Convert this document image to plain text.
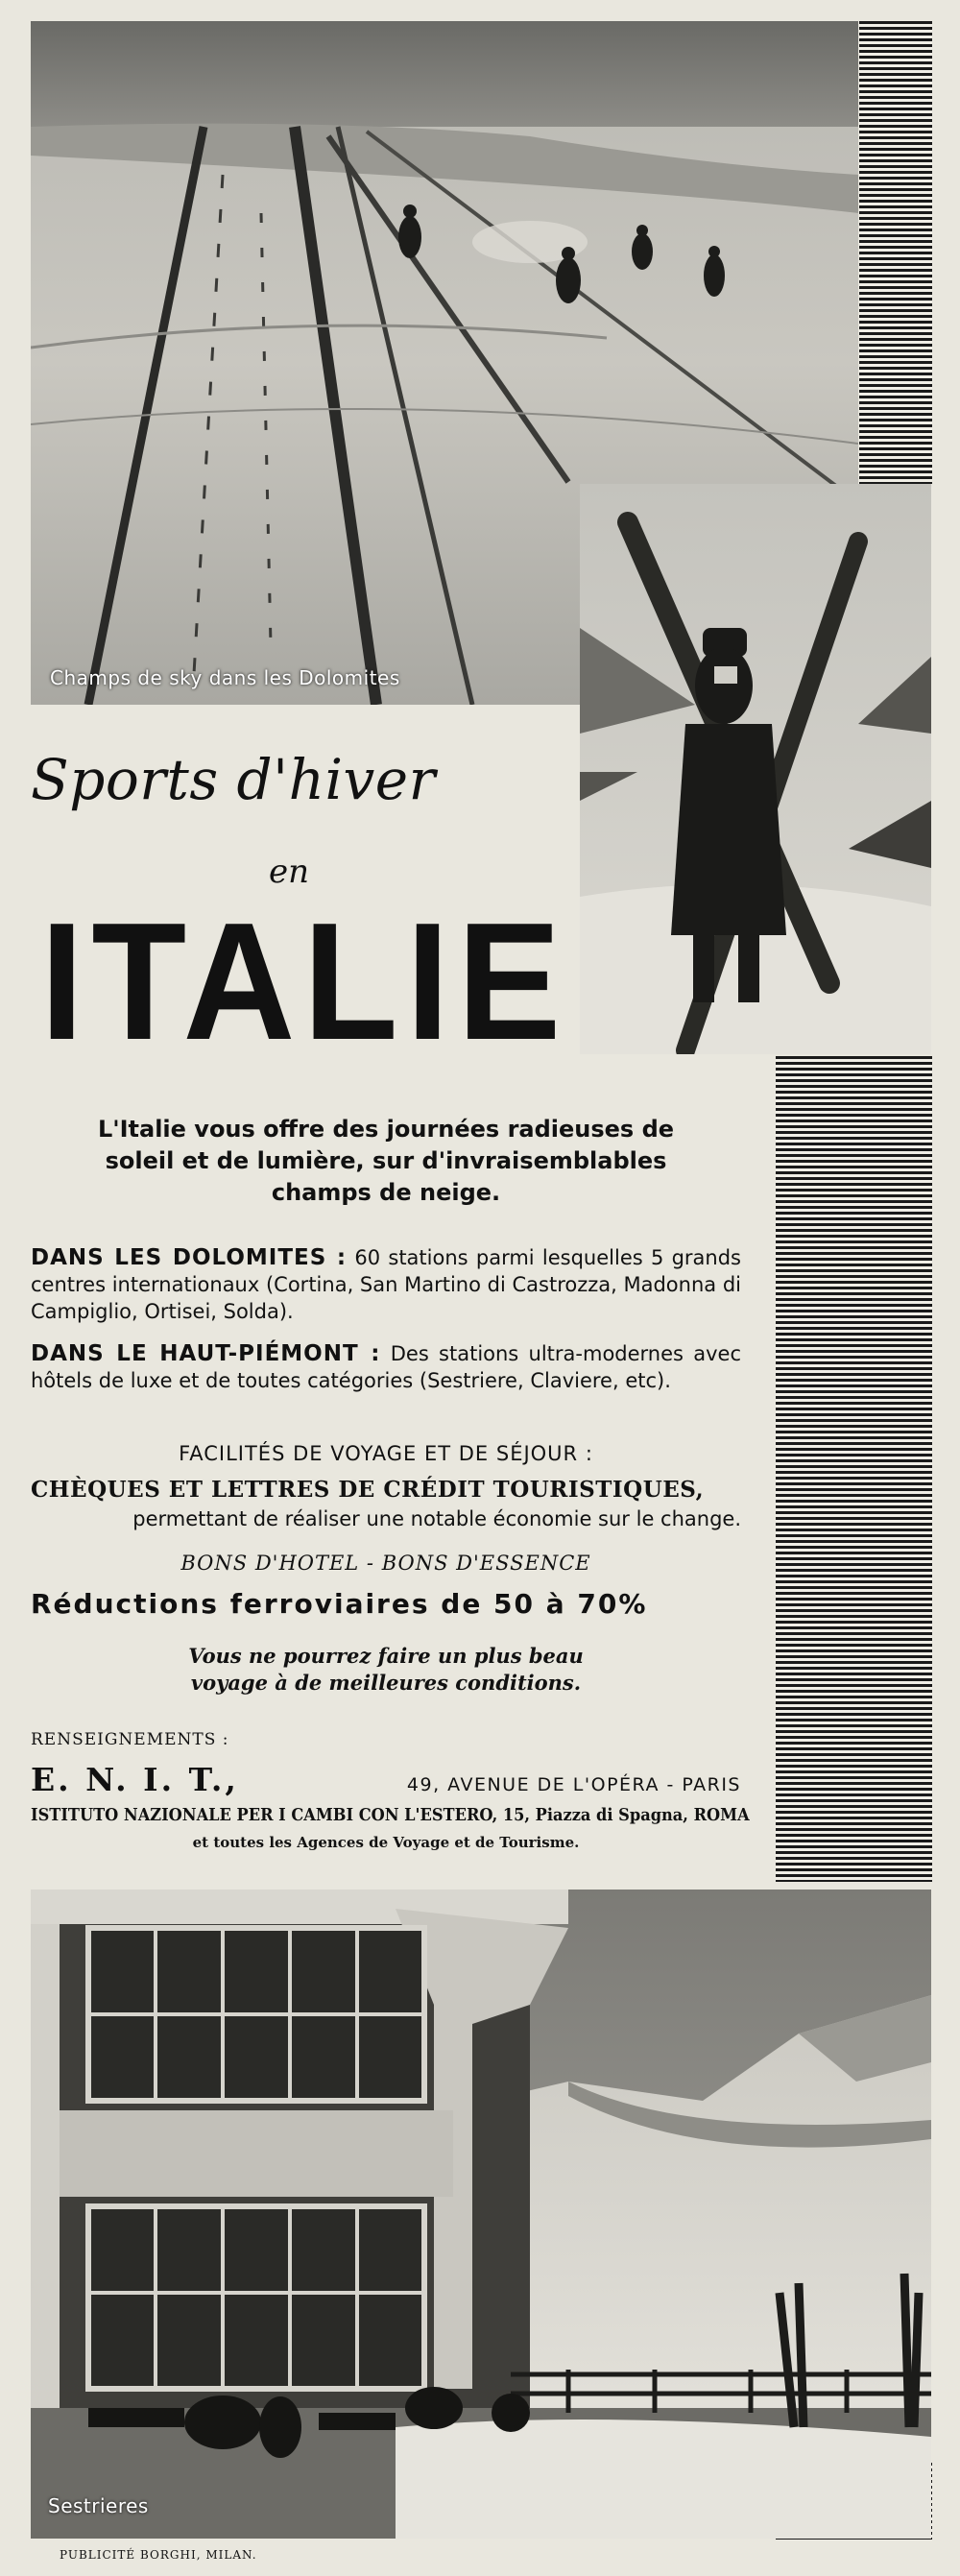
Champs de sky dans les Dolomites
Sports d'hiver
en
ITALIE
L'Italie vous offre des journées radieuses de soleil et de lumière, sur d'invraisemblables champs de neige.
DANS LES DOLOMITES : 60 stations parmi lesquelles 5 grands centres internationaux (Cortina, San Martino di Castrozza, Madonna di Campiglio, Ortisei, Solda).
DANS LE HAUT-PIÉMONT : Des stations ultra-modernes avec hôtels de luxe et de toutes catégories (Sestriere, Claviere, etc).
FACILITÉS DE VOYAGE ET DE SÉJOUR :
CHÈQUES ET LETTRES DE CRÉDIT TOURISTIQUES,
permettant de réaliser une notable économie sur le change.
BONS D'HOTEL - BONS D'ESSENCE
Réductions ferroviaires de 50 à 70%
Vous ne pourrez faire un plus beau
voyage à de meilleures conditions.
RENSEIGNEMENTS :
E. N. I. T.,	49, AVENUE DE L'OPÉRA - PARIS
ISTITUTO NAZIONALE PER I CAMBI CON L'ESTERO, 15, Piazza di Spagna, ROMA
et toutes les Agences de Voyage et de Tourisme.
Sestrieres
PUBLICITÉ BORGHI, MILAN.
